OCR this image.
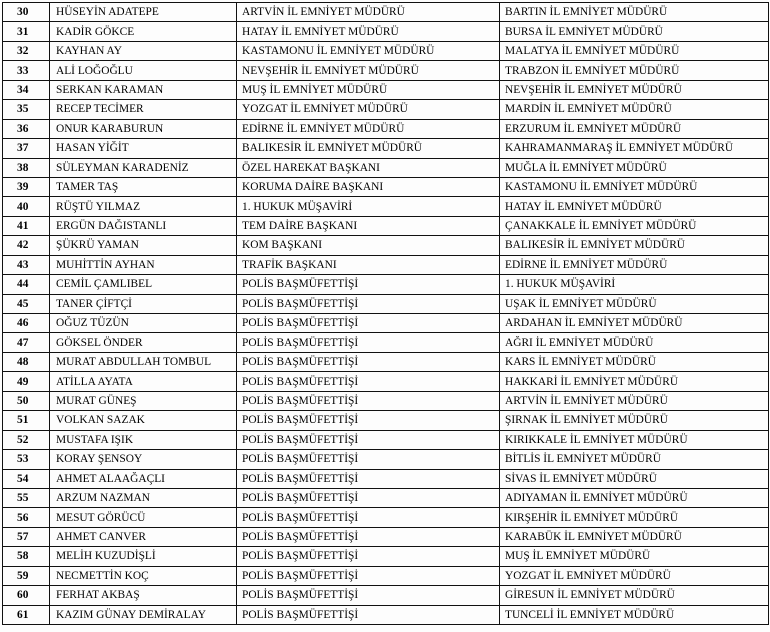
30	HÜSEYİN ADATEPE	ARTVİN İL EMNİYET MÜDÜRÜ	BARTIN İL EMNİYET MÜDÜRÜ
31	KADİR GÖKCE	HATAY İL EMNİYET MÜDÜRÜ	BURSA İL EMNİYET MÜDÜRÜ
32	KAYHAN AY	KASTAMONU İL EMNİYET MÜDÜRÜ	MALATYA İL EMNİYET MÜDÜRÜ
33	ALİ LOĞOĞLU	NEVŞEHİR İL EMNİYET MÜDÜRÜ	TRABZON İL EMNİYET MÜDÜRÜ
34	SERKAN KARAMAN	MUŞ İL EMNİYET MÜDÜRÜ	NEVŞEHİR İL EMNİYET MÜDÜRÜ
35	RECEP TECİMER	YOZGAT İL EMNİYET MÜDÜRÜ	MARDİN İL EMNİYET MÜDÜRÜ
36	ONUR KARABURUN	EDİRNE İL EMNİYET MÜDÜRÜ	ERZURUM İL EMNİYET MÜDÜRÜ
37	HASAN YİĞİT	BALIKESİR İL EMNİYET MÜDÜRÜ	KAHRAMANMARAŞ İL EMNİYET MÜDÜRÜ
38	SÜLEYMAN KARADENİZ	ÖZEL HAREKAT BAŞKANI	MUĞLA İL EMNİYET MÜDÜRÜ
39	TAMER TAŞ	KORUMA DAİRE BAŞKANI	KASTAMONU İL EMNİYET MÜDÜRÜ
40	RÜŞTÜ YILMAZ	1. HUKUK MÜŞAVİRİ	HATAY İL EMNİYET MÜDÜRÜ
41	ERGÜN DAĞISTANLI	TEM DAİRE BAŞKANI	ÇANAKKALE İL EMNİYET MÜDÜRÜ
42	ŞÜKRÜ YAMAN	KOM BAŞKANI	BALIKESİR İL EMNİYET MÜDÜRÜ
43	MUHİTTİN AYHAN	TRAFİK BAŞKANI	EDİRNE İL EMNİYET MÜDÜRÜ
44	CEMİL ÇAMLIBEL	POLİS BAŞMÜFETTİŞİ	1. HUKUK MÜŞAVİRİ
45	TANER ÇİFTÇİ	POLİS BAŞMÜFETTİŞİ	UŞAK İL EMNİYET MÜDÜRÜ
46	OĞUZ TÜZÜN	POLİS BAŞMÜFETTİŞİ	ARDAHAN İL EMNİYET MÜDÜRÜ
47	GÖKSEL ÖNDER	POLİS BAŞMÜFETTİŞİ	AĞRI İL EMNİYET MÜDÜRÜ
48	MURAT ABDULLAH TOMBUL	POLİS BAŞMÜFETTİŞİ	KARS İL EMNİYET MÜDÜRÜ
49	ATİLLA AYATA	POLİS BAŞMÜFETTİŞİ	HAKKARİ İL EMNİYET MÜDÜRÜ
50	MURAT GÜNEŞ	POLİS BAŞMÜFETTİŞİ	ARTVİN İL EMNİYET MÜDÜRÜ
51	VOLKAN SAZAK	POLİS BAŞMÜFETTİŞİ	ŞIRNAK İL EMNİYET MÜDÜRÜ
52	MUSTAFA IŞIK	POLİS BAŞMÜFETTİŞİ	KIRIKKALE İL EMNİYET MÜDÜRÜ
53	KORAY ŞENSOY	POLİS BAŞMÜFETTİŞİ	BİTLİS İL EMNİYET MÜDÜRÜ
54	AHMET ALAAĞAÇLI	POLİS BAŞMÜFETTİŞİ	SİVAS İL EMNİYET MÜDÜRÜ
55	ARZUM NAZMAN	POLİS BAŞMÜFETTİŞİ	ADIYAMAN İL EMNİYET MÜDÜRÜ
56	MESUT GÖRÜCÜ	POLİS BAŞMÜFETTİŞİ	KIRŞEHİR İL EMNİYET MÜDÜRÜ
57	AHMET CANVER	POLİS BAŞMÜFETTİŞİ	KARABÜK İL EMNİYET MÜDÜRÜ
58	MELİH KUZUDİŞLİ	POLİS BAŞMÜFETTİŞİ	MUŞ İL EMNİYET MÜDÜRÜ
59	NECMETTİN KOÇ	POLİS BAŞMÜFETTİŞİ	YOZGAT İL EMNİYET MÜDÜRÜ
60	FERHAT AKBAŞ	POLİS BAŞMÜFETTİŞİ	GİRESUN İL EMNİYET MÜDÜRÜ
61	KAZIM GÜNAY DEMİRALAY	POLİS BAŞMÜFETTİŞİ	TUNCELİ İL EMNİYET MÜDÜRÜ
